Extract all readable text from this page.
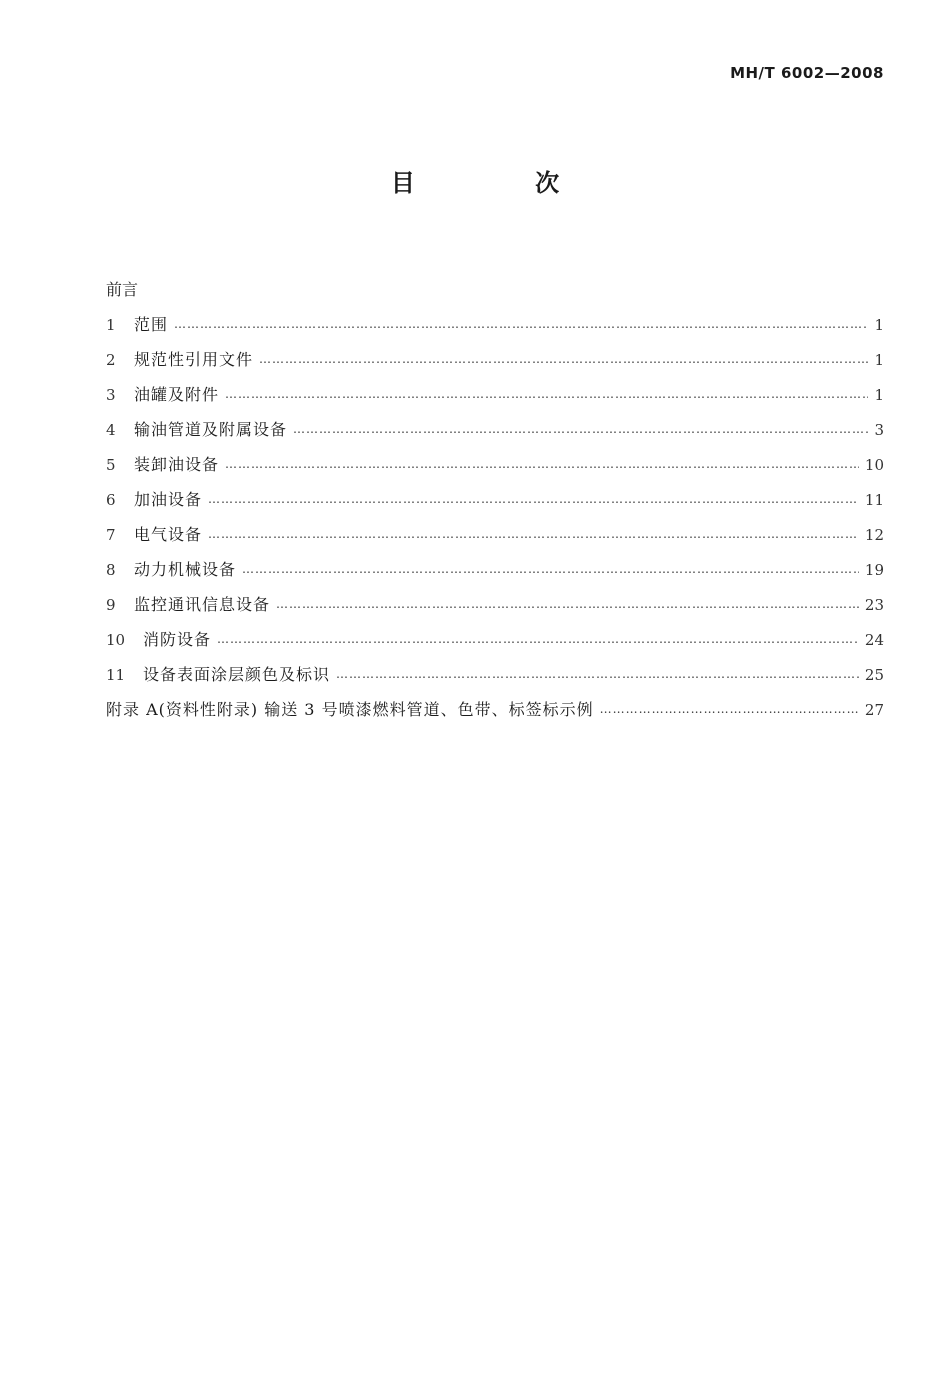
MH/T 6002—2008
目 次
前言
1	范围 ……………………………………………………………………………………………………………………………………………………………………………………………………………………………………	1
2	规范性引用文件 ……………………………………………………………………………………………………………………………………………………………………………………………………………………………………	1
3	油罐及附件 ……………………………………………………………………………………………………………………………………………………………………………………………………………………………………	1
4	输油管道及附属设备 ……………………………………………………………………………………………………………………………………………………………………………………………………………………………………	3
5	装卸油设备 ……………………………………………………………………………………………………………………………………………………………………………………………………………………………………	10
6	加油设备 ……………………………………………………………………………………………………………………………………………………………………………………………………………………………………	11
7	电气设备 ……………………………………………………………………………………………………………………………………………………………………………………………………………………………………	12
8	动力机械设备 ……………………………………………………………………………………………………………………………………………………………………………………………………………………………………	19
9	监控通讯信息设备 ……………………………………………………………………………………………………………………………………………………………………………………………………………………………………	23
10	消防设备 ……………………………………………………………………………………………………………………………………………………………………………………………………………………………………	24
11	设备表面涂层颜色及标识 ……………………………………………………………………………………………………………………………………………………………………………………………………………………………………	25
附录 A(资料性附录) 输送 3 号喷漆燃料管道、色带、标签标示例 ……………………………………………………………………………………………………………………………………………………………………………………………………………………………………	27
